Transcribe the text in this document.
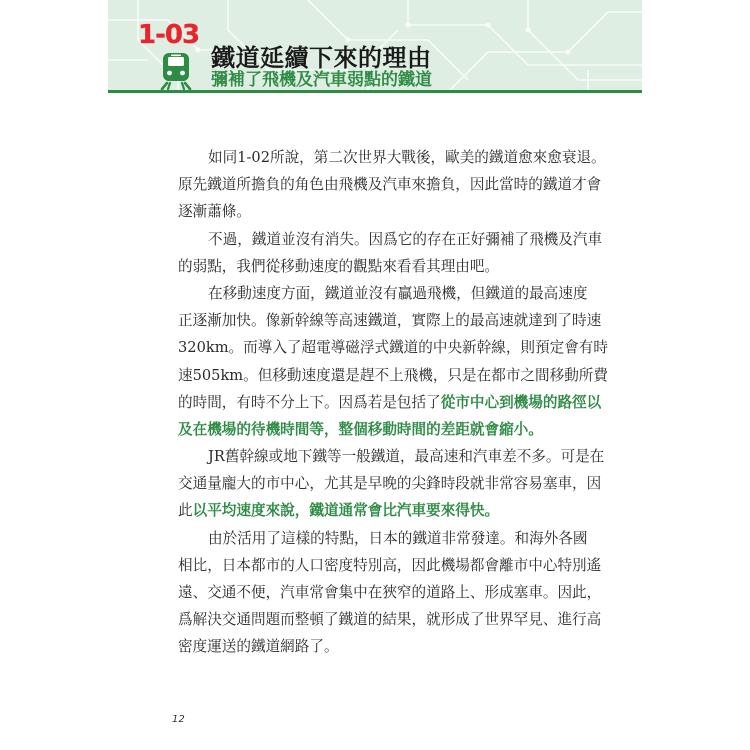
1-03
鐵道延續下來的理由
彌補了飛機及汽車弱點的鐵道
如同1-02所說，第二次世界大戰後，歐美的鐵道愈來愈衰退。
原先鐵道所擔負的角色由飛機及汽車來擔負，因此當時的鐵道才會
逐漸蕭條。
不過，鐵道並沒有消失。因爲它的存在正好彌補了飛機及汽車
的弱點，我們從移動速度的觀點來看看其理由吧。
在移動速度方面，鐵道並沒有贏過飛機，但鐵道的最高速度
正逐漸加快。像新幹線等高速鐵道，實際上的最高速就達到了時速
320km。而導入了超電導磁浮式鐵道的中央新幹線，則預定會有時
速505km。但移動速度還是趕不上飛機，只是在都市之間移動所費
的時間，有時不分上下。因爲若是包括了從市中心到機場的路徑以
及在機場的待機時間等，整個移動時間的差距就會縮小。
JR舊幹線或地下鐵等一般鐵道，最高速和汽車差不多。可是在
交通量龐大的市中心，尤其是早晚的尖鋒時段就非常容易塞車，因
此以平均速度來說，鐵道通常會比汽車要來得快。
由於活用了這樣的特點，日本的鐵道非常發達。和海外各國
相比，日本都市的人口密度特別高，因此機場都會離市中心特別遙
遠、交通不便，汽車常會集中在狹窄的道路上、形成塞車。因此，
爲解決交通問題而整頓了鐵道的結果，就形成了世界罕見、進行高
密度運送的鐵道網路了。
12
